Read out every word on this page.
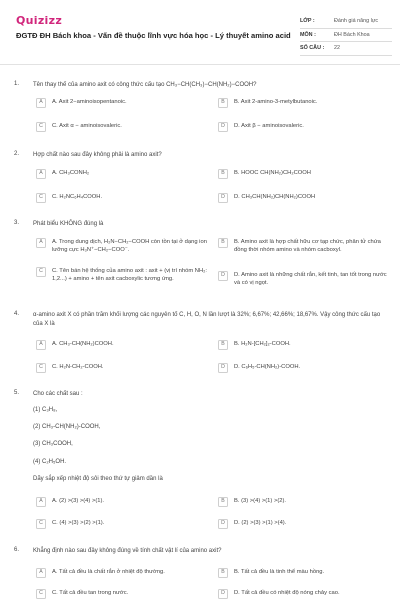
Quizizz
ĐGTĐ ĐH Bách khoa - Vấn đề thuộc lĩnh vực hóa học - Lý thuyết amino acid
LỚP :	Đánh giá năng lực
MÔN :	ĐH Bách Khoa
SỐ CÂU :	22
1. Tên thay thế của amino axit có công thức cấu tạo CH₃−CH(CH₃)−CH(NH₂)−COOH?
A	A. Axit 2−aminoisopentanoic.	B	B. Axit 2-amino-3-metylbutanoic.
C	C. Axit α − aminoisovaleric.	D	D. Axit β − aminoisovaleric.
2. Hợp chất nào sau đây không phải là amino axit?
A	A. CH₃CONH₂	B	B. HOOC CH(NH₂)CH₂COOH
C	C. H₂NC₆H₄COOH.	D	D. CH₃CH(NH₂)CH(NH₂)COOH
3. Phát biểu KHÔNG đúng là
A	A. Trong dung dịch, H₂N−CH₂−COOH còn tồn tại ở dạng ion lưỡng cực H₃N⁺−CH₂−COO⁻.
B	B. Amino axit là hợp chất hữu cơ tạp chức, phân tử chứa đồng thời nhóm amino và nhóm cacboxyl.
C	C. Tên bán hệ thống của amino axit : axit + (vị trí nhóm NH₂: 1,2...) + amino + tên axit cacboxylic tương ứng.
D	D. Amino axit là những chất rắn, kết tinh, tan tốt trong nước và có vị ngọt.
4. α-amino axit X có phần trăm khối lượng các nguyên tố C, H, O, N lần lượt là 32%; 6,67%; 42,66%; 18,67%. Vậy công thức cấu tạo của X là
A	A. CH₃-CH(NH₂)COOH.	B	B. H₂N-[CH₂]₂-COOH.
C	C. H₂N-CH₂-COOH.	D	D. C₆H₅-CH(NH₂)-COOH.
5. Cho các chất sau :
(1) C₃H₈,
(2) CH₃-CH(NH₂)-COOH,
(3) CH₃COOH,
(4) C₂H₅OH.
Dãy sắp xếp nhiệt độ sôi theo thứ tự giảm dần là
A	A. (2) >(3) >(4) >(1).	B	B. (3) >(4) >(1) >(2).
C	C. (4) >(3) >(2) >(1).	D	D. (2) >(3) >(1) >(4).
6. Khẳng định nào sau đây không đúng về tính chất vật lí của amino axit?
A	A. Tất cả đều là chất rắn ở nhiệt độ thường.	B	B. Tất cả đều là tinh thể màu hồng.
C	C. Tất cả đều tan trong nước.	D	D. Tất cả đều có nhiệt độ nóng chảy cao.
